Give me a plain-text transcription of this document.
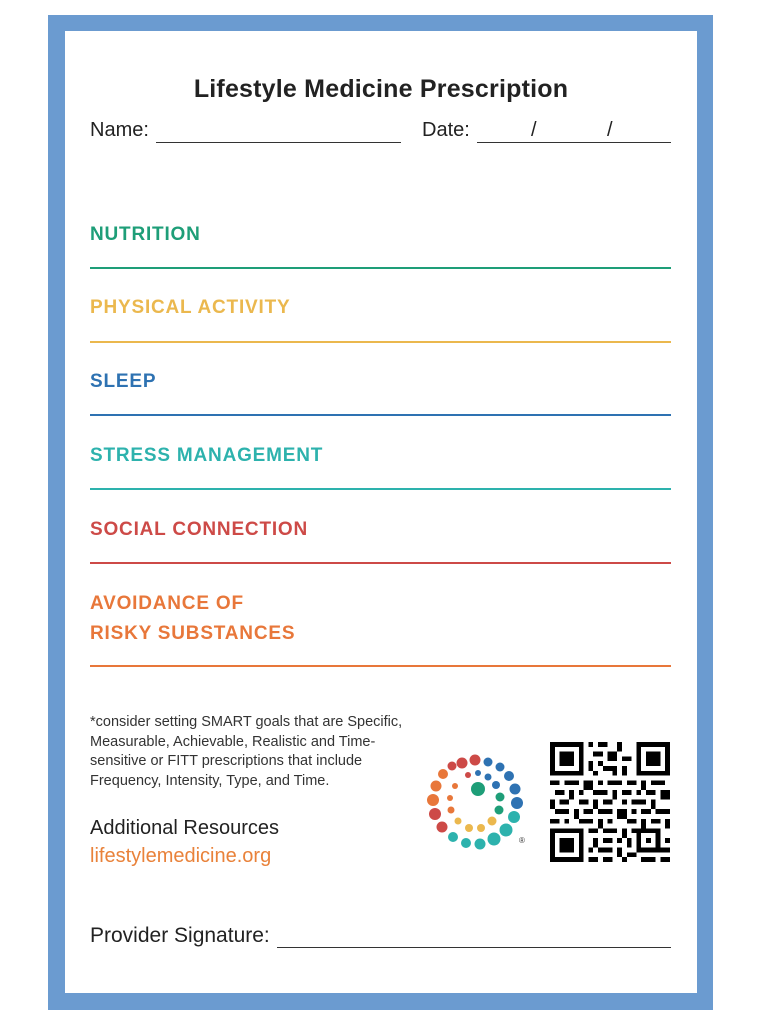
Lifestyle Medicine Prescription
Name:	Date:	/	/
NUTRITION
PHYSICAL ACTIVITY
SLEEP
STRESS MANAGEMENT
SOCIAL CONNECTION
AVOIDANCE OF
RISKY SUBSTANCES
*consider setting SMART goals that are Specific, Measurable, Achievable, Realistic and Time-sensitive or FITT prescriptions that include Frequency, Intensity, Type, and Time.
Additional Resources
lifestylemedicine.org
®
Provider Signature:
